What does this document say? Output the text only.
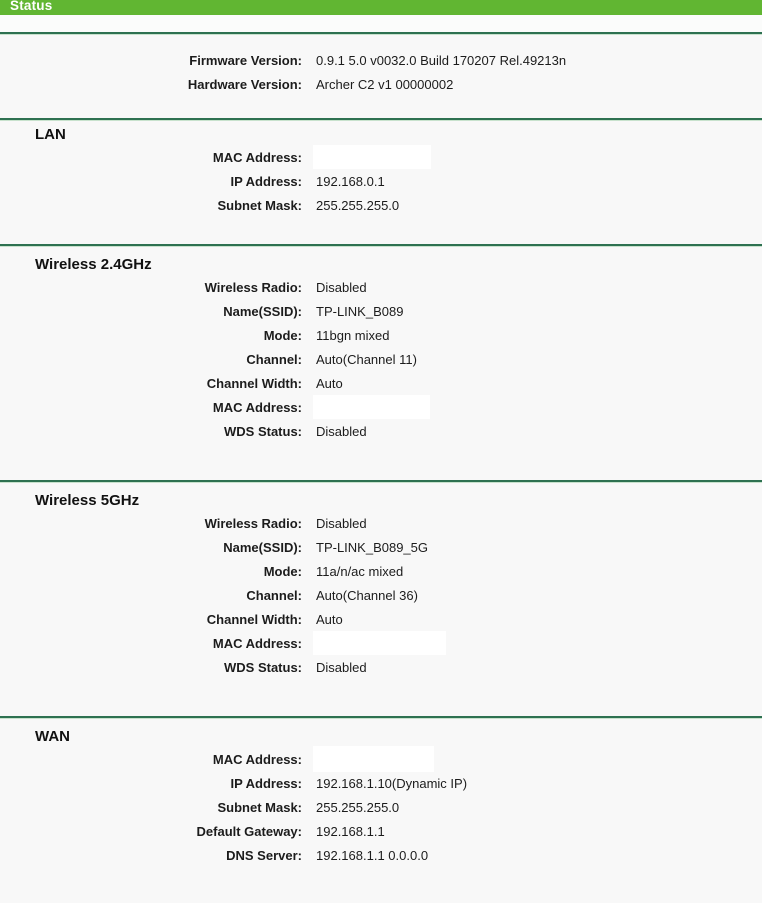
Status
Firmware Version: 0.9.1 5.0 v0032.0 Build 170207 Rel.49213n
Hardware Version: Archer C2 v1 00000002
LAN
MAC Address:
IP Address: 192.168.0.1
Subnet Mask: 255.255.255.0
Wireless 2.4GHz
Wireless Radio: Disabled
Name(SSID): TP-LINK_B089
Mode: 11bgn mixed
Channel: Auto(Channel 11)
Channel Width: Auto
MAC Address:
WDS Status: Disabled
Wireless 5GHz
Wireless Radio: Disabled
Name(SSID): TP-LINK_B089_5G
Mode: 11a/n/ac mixed
Channel: Auto(Channel 36)
Channel Width: Auto
MAC Address:
WDS Status: Disabled
WAN
MAC Address:
IP Address: 192.168.1.10(Dynamic IP)
Subnet Mask: 255.255.255.0
Default Gateway: 192.168.1.1
DNS Server: 192.168.1.1 0.0.0.0
